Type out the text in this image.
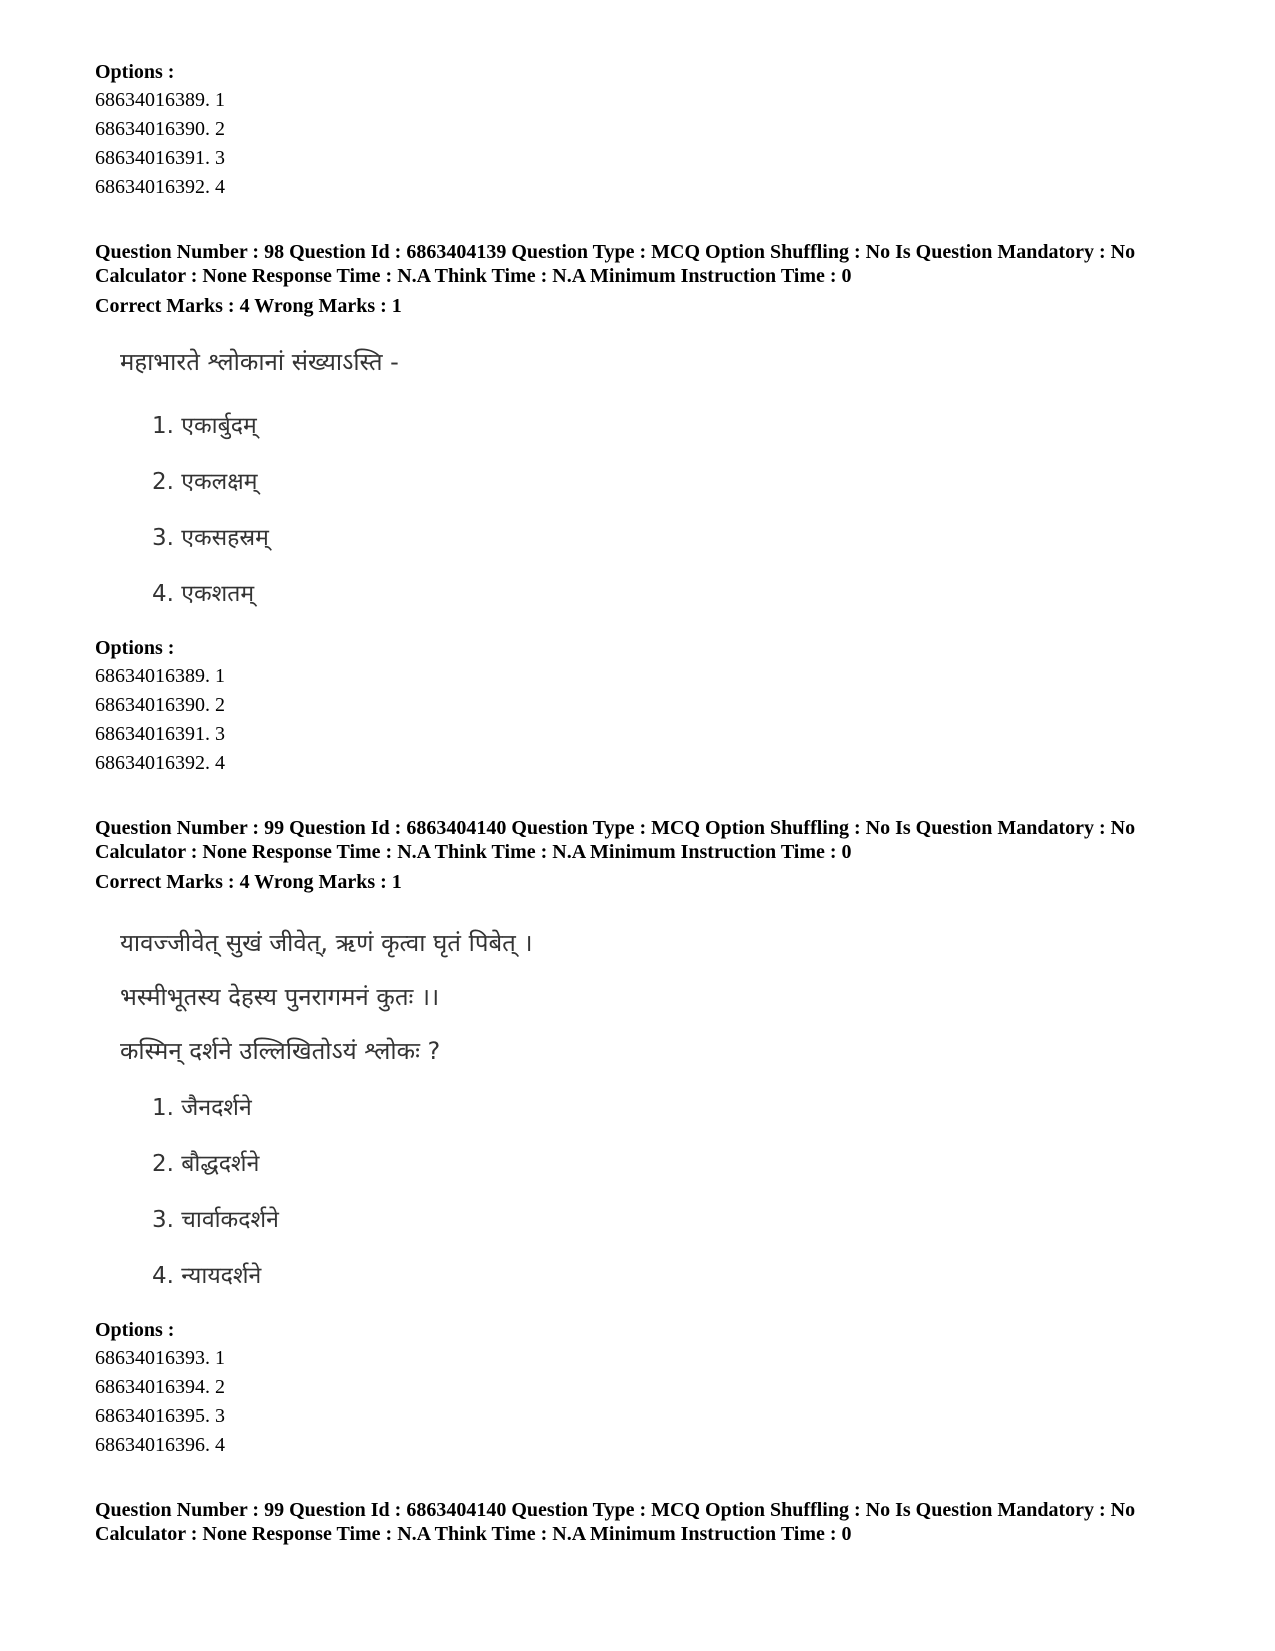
Options :
68634016389. 1
68634016390. 2
68634016391. 3
68634016392. 4
Question Number : 98 Question Id : 6863404139 Question Type : MCQ Option Shuffling : No Is Question Mandatory : No Calculator : None Response Time : N.A Think Time : N.A Minimum Instruction Time : 0
Correct Marks : 4 Wrong Marks : 1
महाभारते श्लोकानां संख्याऽस्ति -
1. एकार्बुदम्
2. एकलक्षम्
3. एकसहस्रम्
4. एकशतम्
Options :
68634016389. 1
68634016390. 2
68634016391. 3
68634016392. 4
Question Number : 99 Question Id : 6863404140 Question Type : MCQ Option Shuffling : No Is Question Mandatory : No Calculator : None Response Time : N.A Think Time : N.A Minimum Instruction Time : 0
Correct Marks : 4 Wrong Marks : 1
यावज्जीवेत् सुखं जीवेत्, ऋणं कृत्वा घृतं पिबेत् ।
भस्मीभूतस्य देहस्य पुनरागमनं कुतः ।।
कस्मिन् दर्शने उल्लिखितोऽयं श्लोकः ?
1. जैनदर्शने
2. बौद्धदर्शने
3. चार्वाकदर्शने
4. न्यायदर्शने
Options :
68634016393. 1
68634016394. 2
68634016395. 3
68634016396. 4
Question Number : 99 Question Id : 6863404140 Question Type : MCQ Option Shuffling : No Is Question Mandatory : No Calculator : None Response Time : N.A Think Time : N.A Minimum Instruction Time : 0
